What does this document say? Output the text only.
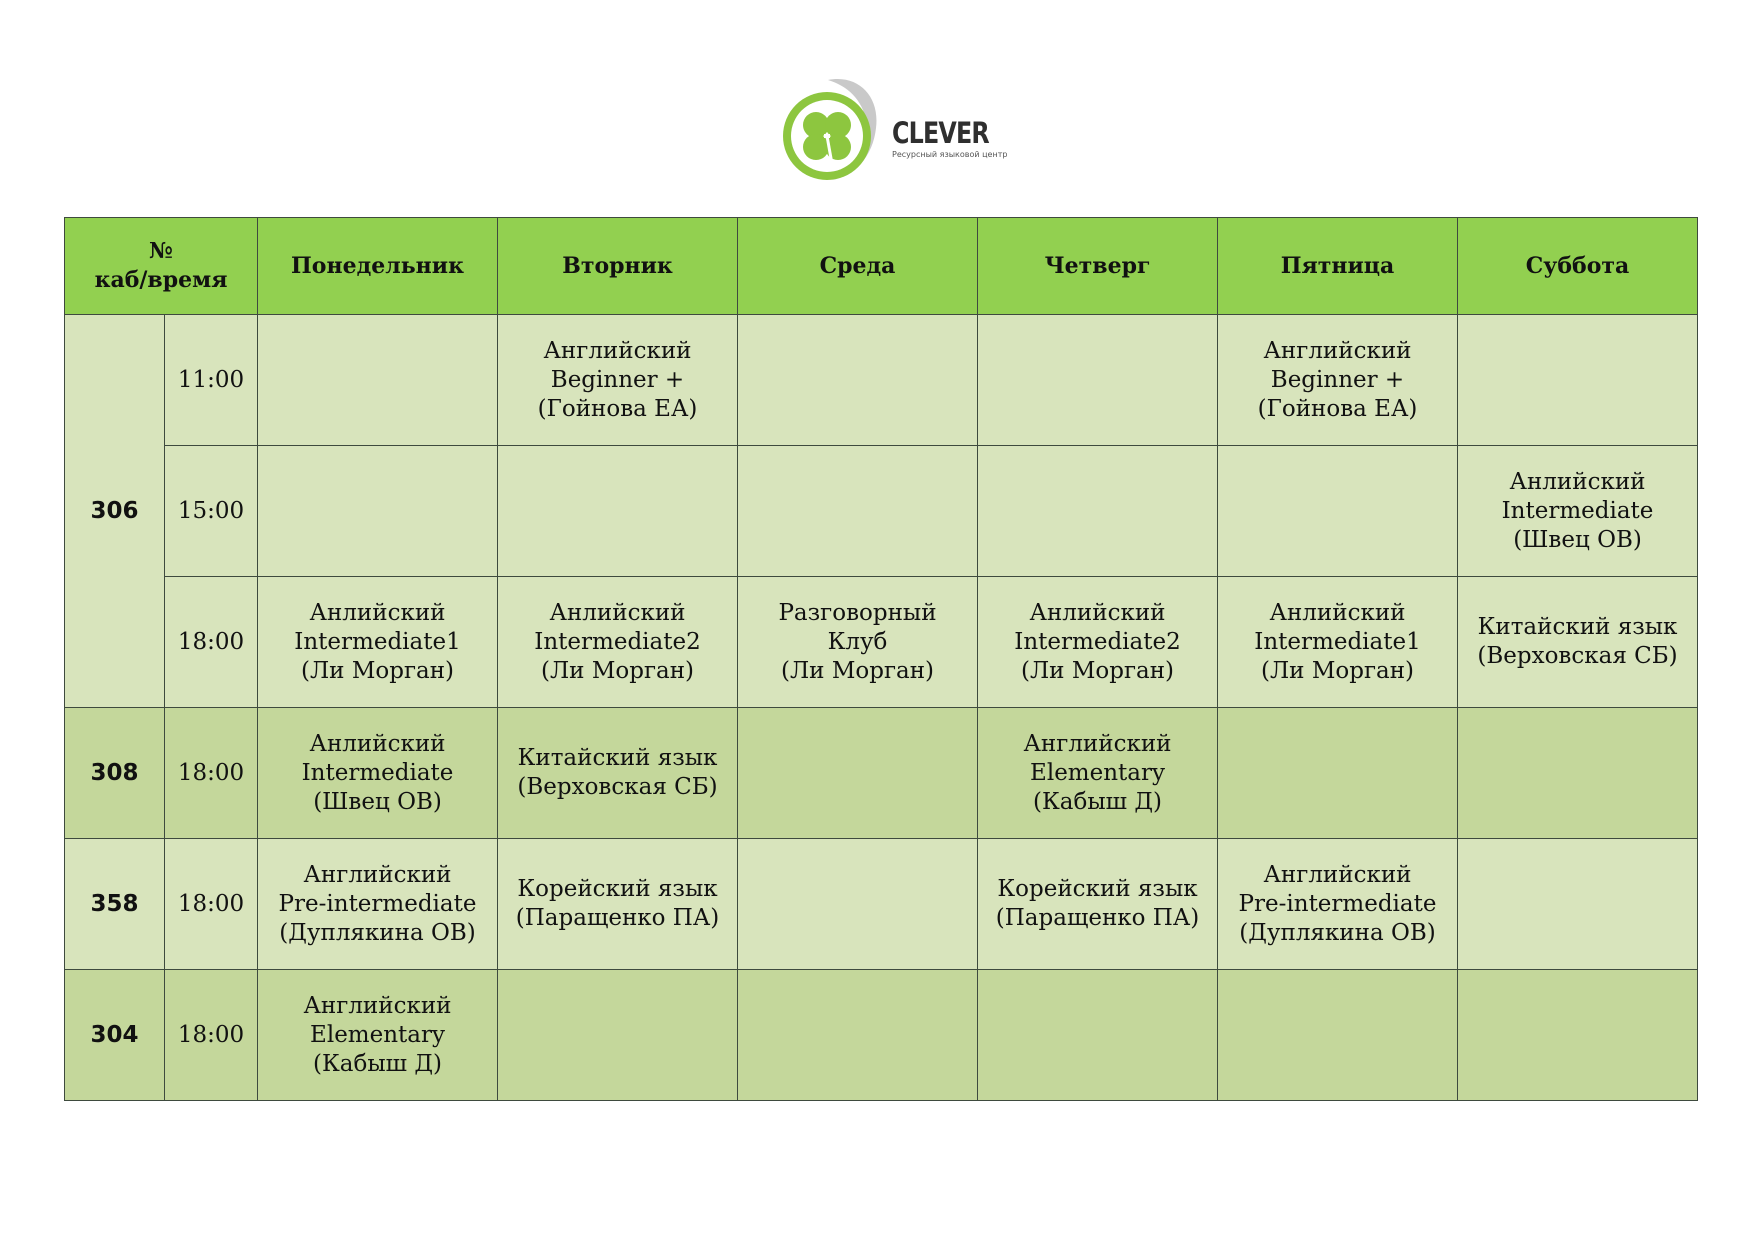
CLEVER
Ресурсный языковой центр
№
каб/время		Понедельник	Вторник	Среда	Четверг	Пятница	Суббота
306	11:00		Английский
Beginner +
(Гойнова ЕА)			Английский
Beginner +
(Гойнова ЕА)	

	15:00						Анлийский
Intermediate
(Швец ОВ)

	18:00	Анлийский
Intermediate1
(Ли Морган)	Анлийский
Intermediate2
(Ли Морган)	Разговорный
Клуб
(Ли Морган)	Анлийский
Intermediate2
(Ли Морган)	Анлийский
Intermediate1
(Ли Морган)	Китайский язык
(Верховская СБ)

308	18:00	Анлийский
Intermediate
(Швец ОВ)	Китайский язык
(Верховская СБ)		Английский
Elementary
(Кабыш Д)		

358	18:00	Английский
Pre-intermediate
(Дуплякина ОВ)	Корейский язык
(Паращенко ПА)		Корейский язык
(Паращенко ПА)	Английский
Pre-intermediate
(Дуплякина ОВ)	

304	18:00	Английский
Elementary
(Кабыш Д)					
